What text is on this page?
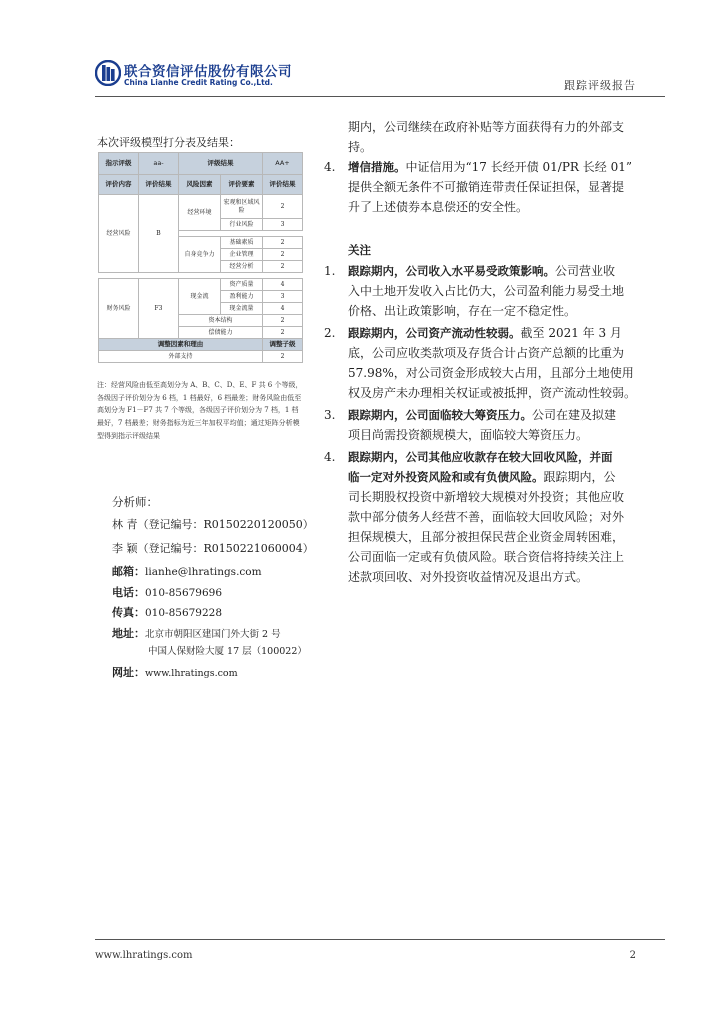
联合资信评估股份有限公司
China Lianhe Credit Rating Co.,Ltd.	跟踪评级报告
本次评级模型打分表及结果：
指示评级	aa-	评级结果		AA+
评价内容	评价结果	风险因素	评价要素	评价结果
经营风险	B	经营环境	宏观和区域风险	2
			行业风险	3

		自身竞争力	基础素质	2
			企业管理	2
			经营分析	2

财务风险	F3	现金流	资产质量	4
			盈利能力	3
			现金流量	4
		资本结构		2
		偿债能力		2
调整因素和理由				调整子级
外部支持				2
注：经营风险由低至高划分为 A、B、C、D、E、F 共 6 个等级，各级因子评价划分为 6 档，1 档最好，6 档最差；财务风险由低至高划分为 F1－F7 共 7 个等级，各级因子评价划分为 7 档，1 档最好，7 档最差；财务指标为近三年加权平均值；通过矩阵分析模型得到指示评级结果
分析师：
林 青（登记编号：R0150220120050）
李 颖（登记编号：R0150221060004）
邮箱：lianhe@lhratings.com
电话：010-85679696
传真：010-85679228
地址：北京市朝阳区建国门外大街 2 号
中国人保财险大厦 17 层（100022）
网址：www.lhratings.com
期内，公司继续在政府补贴等方面获得有力的外部支
持。
4. 增信措施。中证信用为“17 长经开债 01/PR 长经 01”
提供全额无条件不可撤销连带责任保证担保，显著提
升了上述债券本息偿还的安全性。
关注
1. 跟踪期内，公司收入水平易受政策影响。公司营业收
入中土地开发收入占比仍大，公司盈利能力易受土地
价格、出让政策影响，存在一定不稳定性。
2. 跟踪期内，公司资产流动性较弱。截至 2021 年 3 月
底，公司应收类款项及存货合计占资产总额的比重为
57.98%，对公司资金形成较大占用，且部分土地使用
权及房产未办理相关权证或被抵押，资产流动性较弱。
3. 跟踪期内，公司面临较大筹资压力。公司在建及拟建
项目尚需投资额规模大，面临较大筹资压力。
4. 跟踪期内，公司其他应收款存在较大回收风险，并面
临一定对外投资风险和或有负债风险。跟踪期内，公
司长期股权投资中新增较大规模对外投资；其他应收
款中部分债务人经营不善，面临较大回收风险；对外
担保规模大，且部分被担保民营企业资金周转困难，
公司面临一定或有负债风险。联合资信将持续关注上
述款项回收、对外投资收益情况及退出方式。
www.lhratings.com	2
